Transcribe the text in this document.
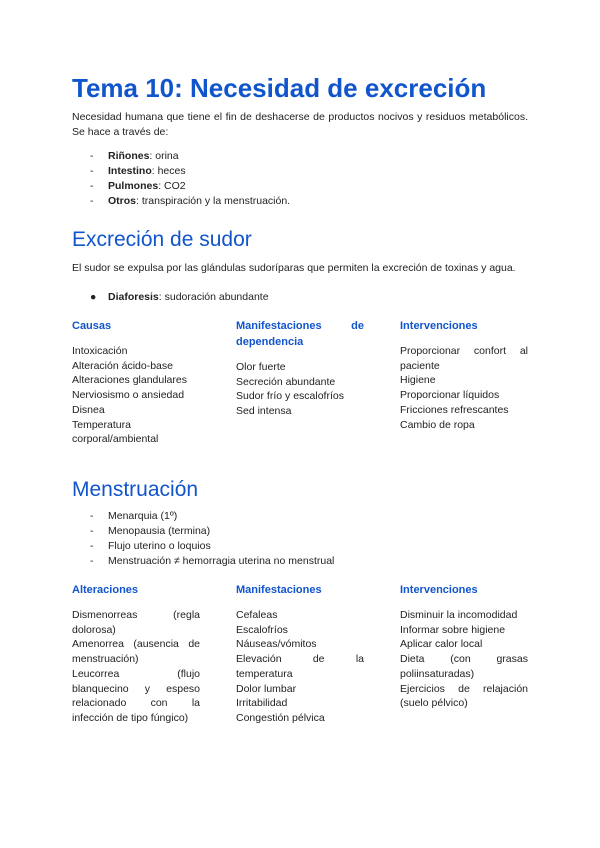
Tema 10: Necesidad de excreción

Necesidad humana que tiene el fin de deshacerse de productos nocivos y residuos metabólicos. Se hace a través de:

- Riñones: orina
- Intestino: heces
- Pulmones: CO2
- Otros: transpiración y la menstruación.
Excreción de sudor

El sudor se expulsa por las glándulas sudoríparas que permiten la excreción de toxinas y agua.

● Diaforesis: sudoración abundante
Causas
Intoxicación
Alteración ácido-base
Alteraciones glandulares
Nerviosismo o ansiedad
Disnea
Temperatura corporal/ambiental
Manifestaciones de dependencia
Olor fuerte
Secreción abundante
Sudor frío y escalofríos
Sed intensa
Intervenciones
Proporcionar confort al paciente
Higiene
Proporcionar líquidos
Fricciones refrescantes
Cambio de ropa
Menstruación
- Menarquia (1º)
- Menopausia (termina)
- Flujo uterino o loquios
- Menstruación ≠ hemorragia uterina no menstrual
Alteraciones
Dismenorreas (regla dolorosa)
Amenorrea (ausencia de menstruación)
Leucorrea (flujo blanquecino y espeso relacionado con la infección de tipo fúngico)
Manifestaciones
Cefaleas
Escalofríos
Náuseas/vómitos
Elevación de la temperatura
Dolor lumbar
Irritabilidad
Congestión pélvica
Intervenciones
Disminuir la incomodidad
Informar sobre higiene
Aplicar calor local
Dieta (con grasas poliinsaturadas)
Ejercicios de relajación (suelo pélvico)
